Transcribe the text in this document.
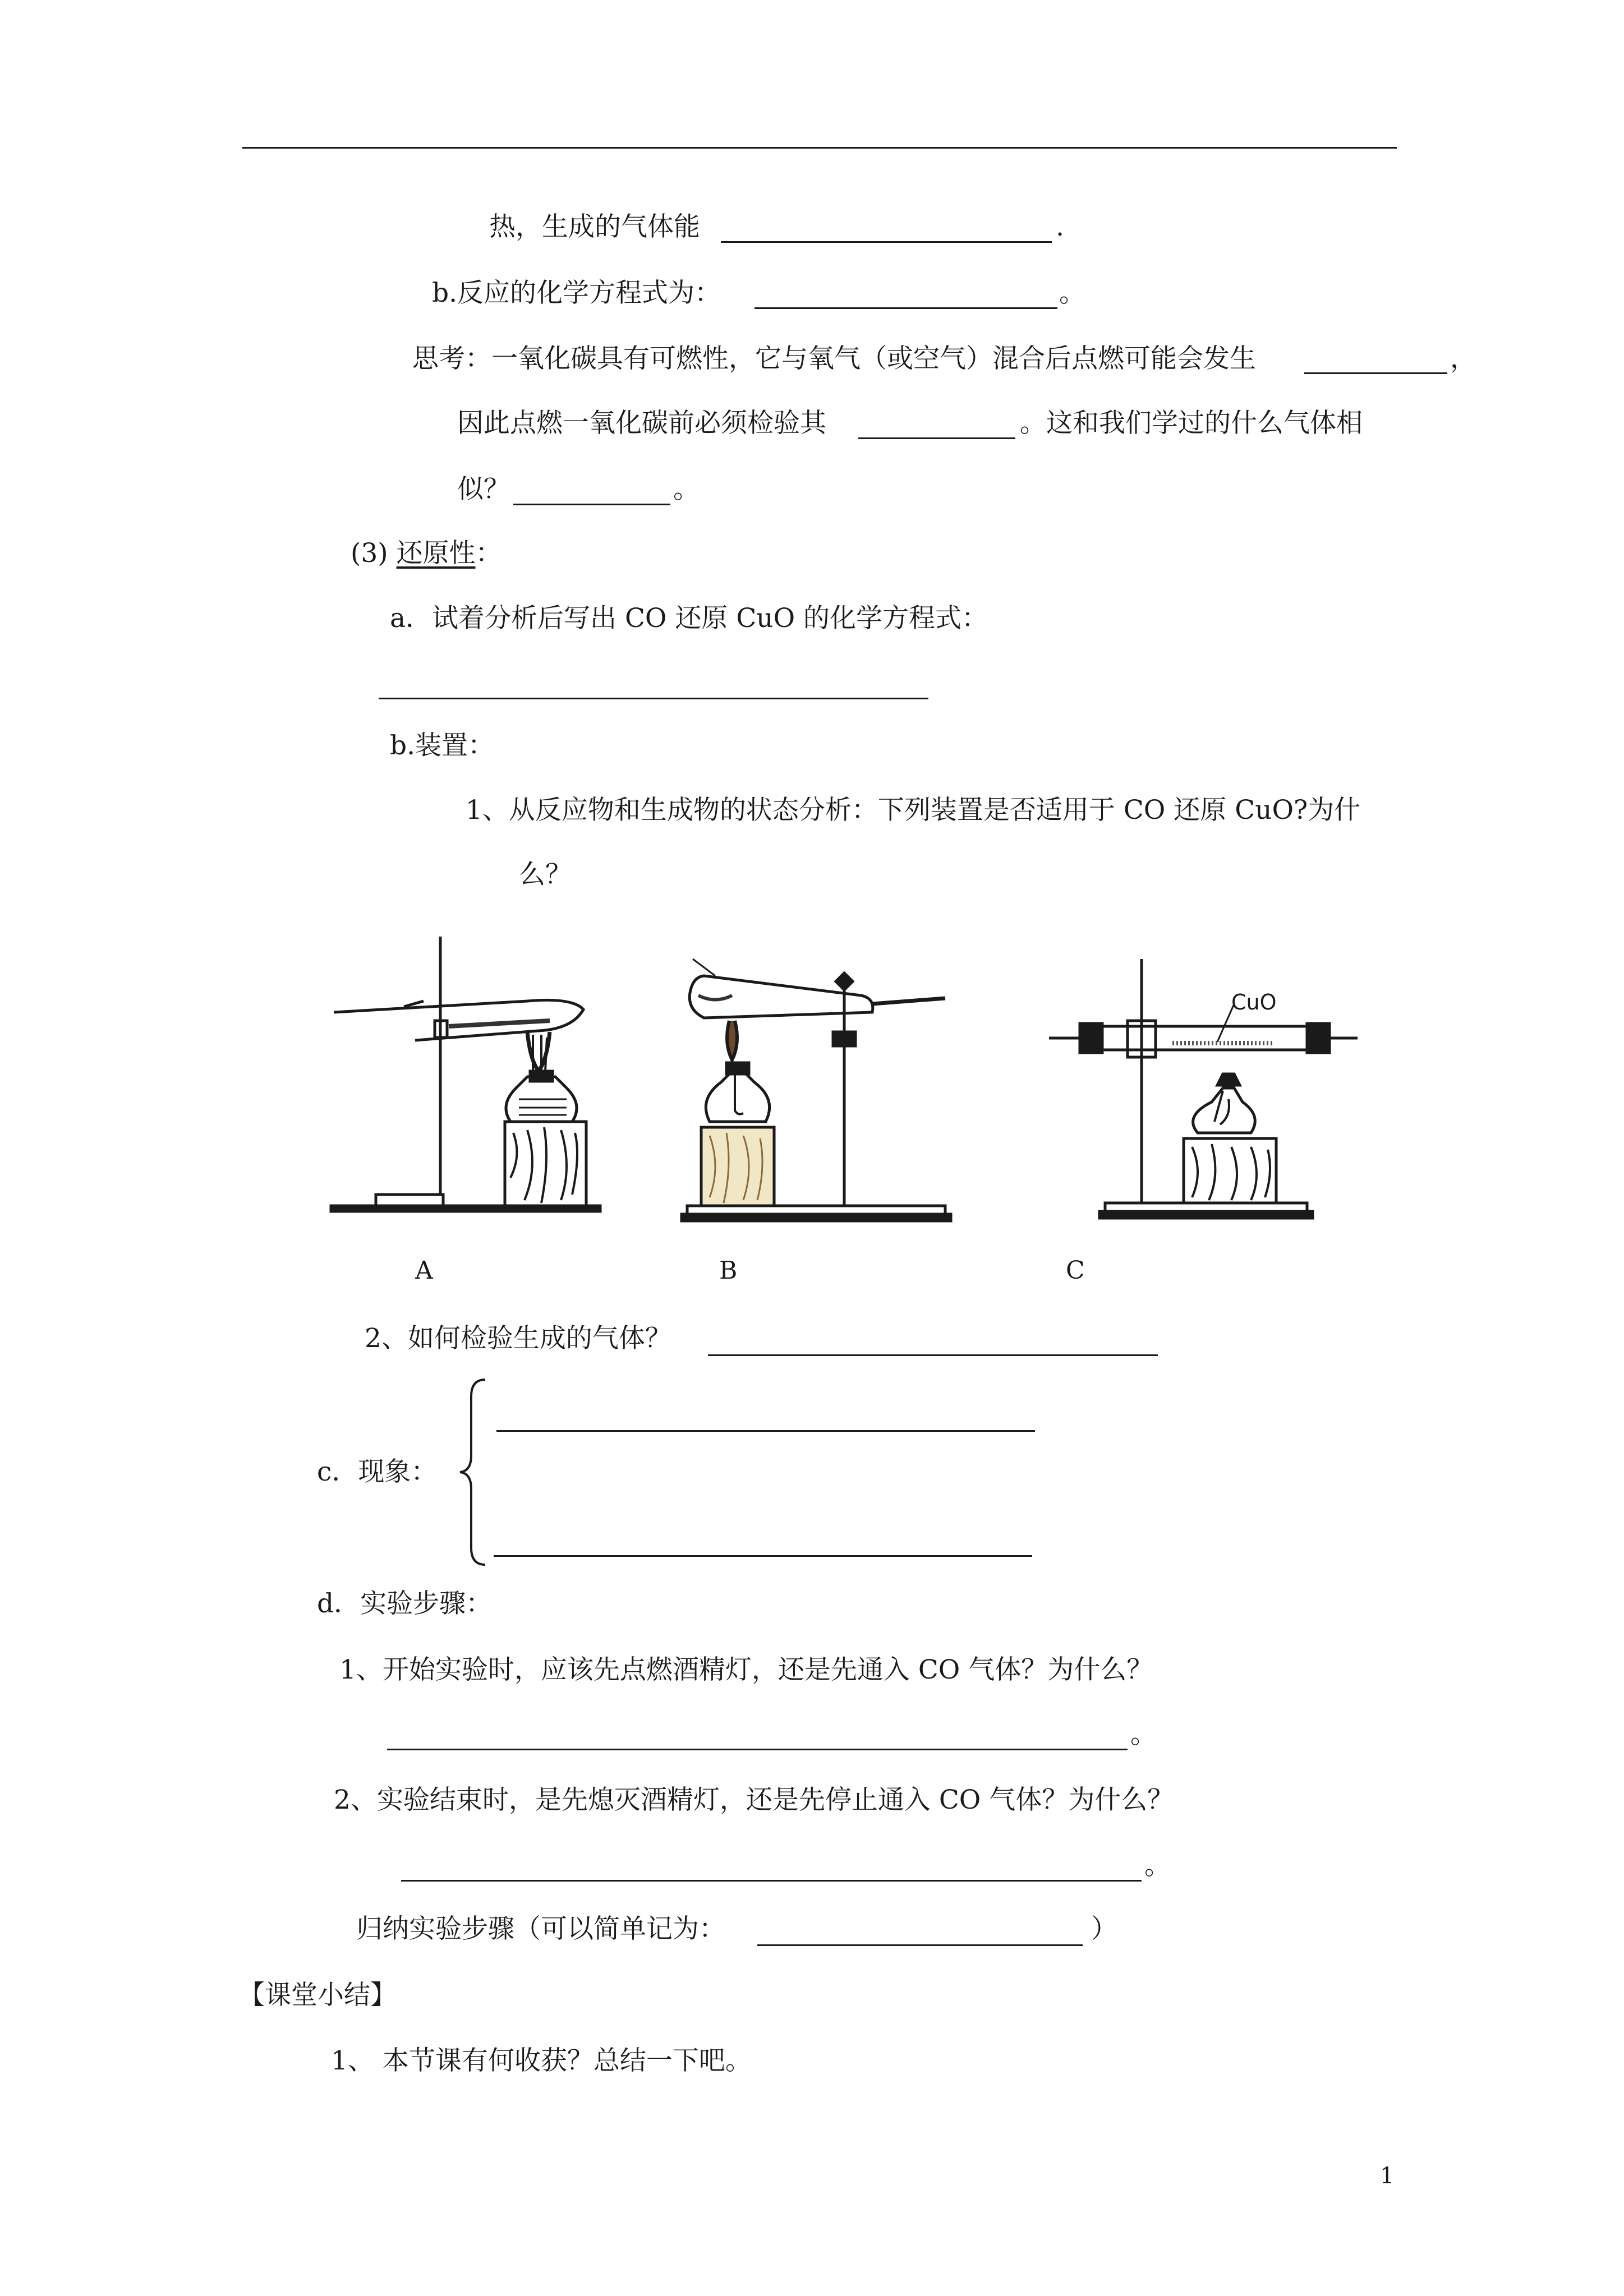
热，生成的气体能	.
b.反应的化学方程式为：	。
思考：一氧化碳具有可燃性，它与氧气（或空气）混合后点燃可能会发生	，
因此点燃一氧化碳前必须检验其	。这和我们学过的什么气体相
似？	。
(3) 还原性：
a．试着分析后写出 CO 还原 CuO 的化学方程式：
b.装置：
1、从反应物和生成物的状态分析：下列装置是否适用于 CO 还原 CuO?为什
么？
A	B
CuO
C
2、如何检验生成的气体？
c．现象：
d．实验步骤：
1、开始实验时，应该先点燃酒精灯，还是先通入 CO 气体？为什么？
。
2、实验结束时，是先熄灭酒精灯，还是先停止通入 CO 气体？为什么？
。
归纳实验步骤（可以简单记为：	）
【课堂小结】
1、 本节课有何收获？总结一下吧。
1
